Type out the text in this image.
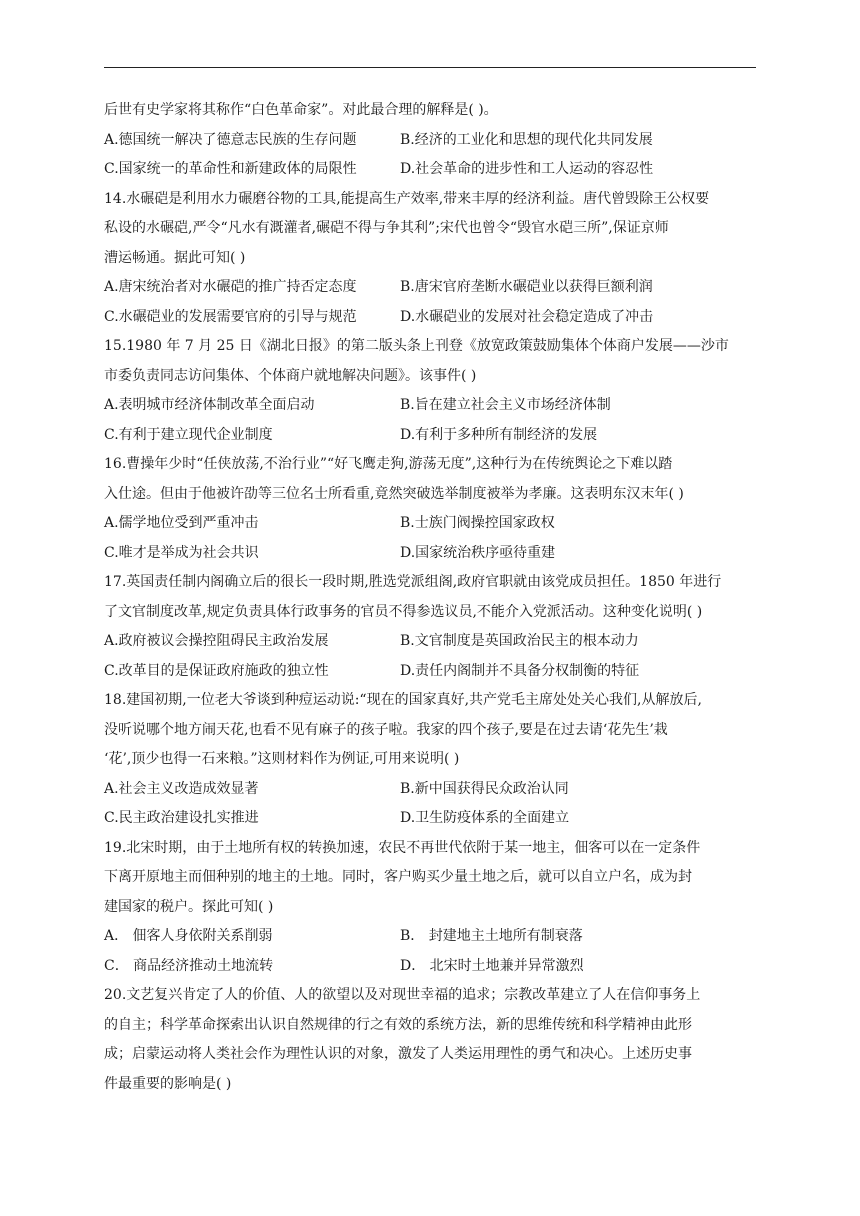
后世有史学家将其称作“白色革命家”。对此最合理的解释是( )。
A.德国统一解决了德意志民族的生存问题	B.经济的工业化和思想的现代化共同发展
C.国家统一的革命性和新建政体的局限性	D.社会革命的进步性和工人运动的容忍性
14.水碾硙是利用水力碾磨谷物的工具,能提高生产效率,带来丰厚的经济利益。唐代曾毁除王公权要
私设的水碾硙,严令“凡水有溉灌者,碾硙不得与争其利”;宋代也曾令“毁官水硙三所”,保证京师
漕运畅通。据此可知( )
A.唐宋统治者对水碾硙的推广持否定态度	B.唐宋官府垄断水碾硙业以获得巨额利润
C.水碾硙业的发展需要官府的引导与规范	D.水碾硙业的发展对社会稳定造成了冲击
15.1980 年 7 月 25 日《湖北日报》的第二版头条上刊登《放宽政策鼓励集体个体商户发展——沙市
市委负责同志访问集体、个体商户就地解决问题》。该事件( )
A.表明城市经济体制改革全面启动	B.旨在建立社会主义市场经济体制
C.有利于建立现代企业制度	D.有利于多种所有制经济的发展
16.曹操年少时“任侠放荡,不治行业”“好飞鹰走狗,游荡无度”,这种行为在传统舆论之下难以踏
入仕途。但由于他被许劭等三位名士所看重,竟然突破选举制度被举为孝廉。这表明东汉末年( )
A.儒学地位受到严重冲击	B.士族门阀操控国家政权
C.唯才是举成为社会共识	D.国家统治秩序亟待重建
17.英国责任制内阁确立后的很长一段时期,胜选党派组阁,政府官职就由该党成员担任。1850 年进行
了文官制度改革,规定负责具体行政事务的官员不得参选议员,不能介入党派活动。这种变化说明( )
A.政府被议会操控阻碍民主政治发展	B.文官制度是英国政治民主的根本动力
C.改革目的是保证政府施政的独立性	D.责任内阁制并不具备分权制衡的特征
18.建国初期,一位老大爷谈到种痘运动说:“现在的国家真好,共产党毛主席处处关心我们,从解放后,
没听说哪个地方闹天花,也看不见有麻子的孩子啦。我家的四个孩子,要是在过去请‘花先生’栽
‘花’,顶少也得一石来粮。”这则材料作为例证,可用来说明( )
A.社会主义改造成效显著	B.新中国获得民众政治认同
C.民主政治建设扎实推进	D.卫生防疫体系的全面建立
19.北宋时期，由于土地所有权的转换加速，农民不再世代依附于某一地主，佃客可以在一定条件
下离开原地主而佃种别的地主的土地。同时，客户购买少量土地之后，就可以自立户名，成为封
建国家的税户。探此可知( )
A． 佃客人身依附关系削弱	B． 封建地主土地所有制衰落
C． 商品经济推动土地流转	D． 北宋时土地兼并异常激烈
20.文艺复兴肯定了人的价值、人的欲望以及对现世幸福的追求；宗教改革建立了人在信仰事务上
的自主；科学革命探索出认识自然规律的行之有效的系统方法，新的思维传统和科学精神由此形
成；启蒙运动将人类社会作为理性认识的对象，激发了人类运用理性的勇气和决心。上述历史事
件最重要的影响是( )
